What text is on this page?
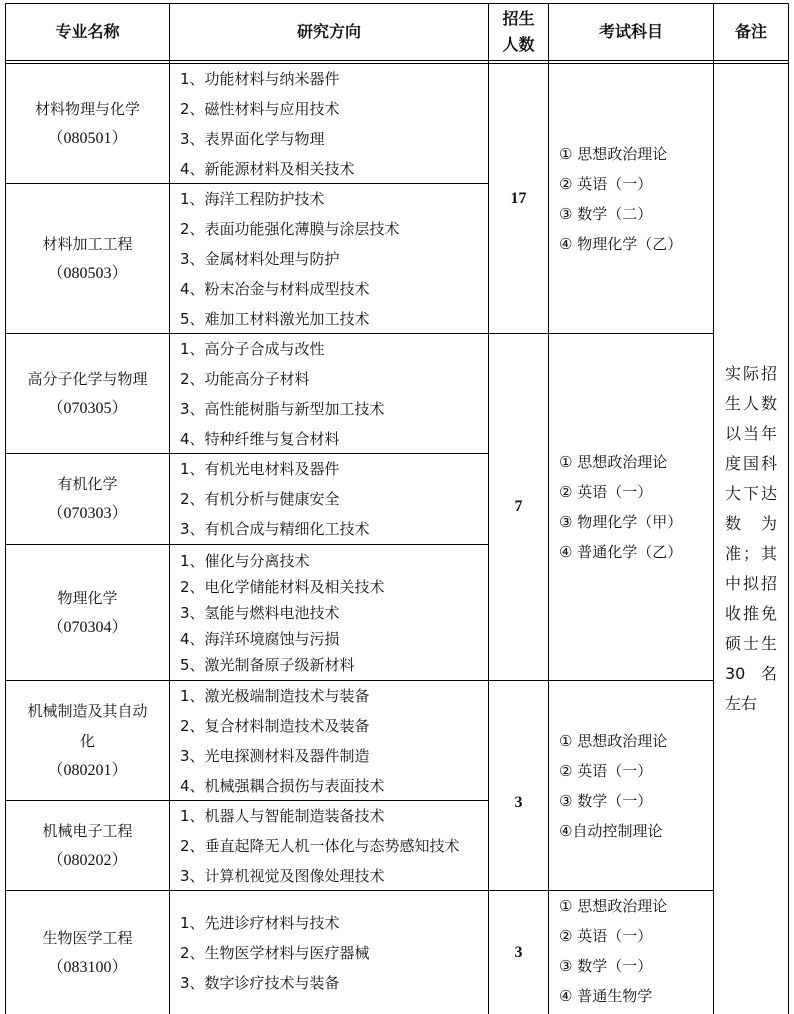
专业名称	研究方向
招生
人数
考试科目	备注
材料物理与化学
（080501）
1、功能材料与纳米器件
2、磁性材料与应用技术
3、表界面化学与物理
4、新能源材料及相关技术
材料加工工程
（080503）
1、海洋工程防护技术
2、表面功能强化薄膜与涂层技术
3、金属材料处理与防护
4、粉末冶金与材料成型技术
5、难加工材料激光加工技术
17
① 思想政治理论
② 英语（一）
③ 数学（二）
④ 物理化学（乙）
高分子化学与物理
（070305）
1、高分子合成与改性
2、功能高分子材料
3、高性能树脂与新型加工技术
4、特种纤维与复合材料
有机化学
（070303）
1、有机光电材料及器件
2、有机分析与健康安全
3、有机合成与精细化工技术
物理化学
（070304）
1、催化与分离技术
2、电化学储能材料及相关技术
3、氢能与燃料电池技术
4、海洋环境腐蚀与污损
5、激光制备原子级新材料
7
① 思想政治理论
② 英语（一）
③ 物理化学（甲）
④ 普通化学（乙）
机械制造及其自动
化
（080201）
1、激光极端制造技术与装备
2、复合材料制造技术及装备
3、光电探测材料及器件制造
4、机械强耦合损伤与表面技术
机械电子工程
（080202）
1、机器人与智能制造装备技术
2、垂直起降无人机一体化与态势感知技术
3、计算机视觉及图像处理技术
3
① 思想政治理论
② 英语（一）
③ 数学（一）
④自动控制理论
生物医学工程
（083100）
1、先进诊疗材料与技术
2、生物医学材料与医疗器械
3、数字诊疗技术与装备
3
① 思想政治理论
② 英语（一）
③ 数学（一）
④ 普通生物学
实际招生人数以当年度国科大下达数为准；其中拟招收推免硕士生30名左右
